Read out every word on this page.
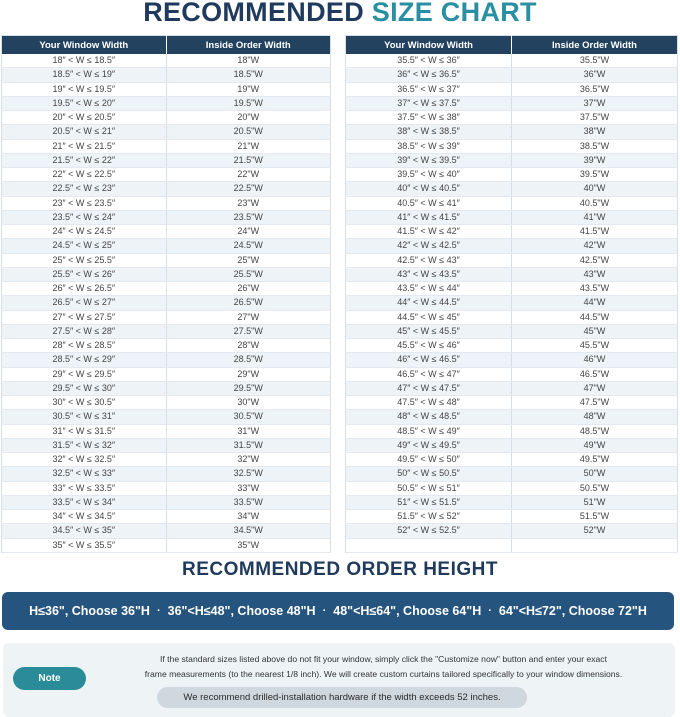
RECOMMENDED SIZE CHART
Your Window Width	Inside Order Width
18″ < W ≤ 18.5″	18"W
18.5″ < W ≤ 19″	18.5"W
19″ < W ≤ 19.5″	19"W
19.5″ < W ≤ 20″	19.5"W
20″ < W ≤ 20.5″	20"W
20.5″ < W ≤ 21″	20.5"W
21″ < W ≤ 21.5″	21"W
21.5″ < W ≤ 22″	21.5"W
22″ < W ≤ 22.5″	22"W
22.5″ < W ≤ 23″	22.5"W
23″ < W ≤ 23.5″	23"W
23.5″ < W ≤ 24″	23.5"W
24″ < W ≤ 24.5″	24"W
24.5″ < W ≤ 25″	24.5"W
25″ < W ≤ 25.5″	25"W
25.5″ < W ≤ 26″	25.5"W
26″ < W ≤ 26.5″	26"W
26.5″ < W ≤ 27″	26.5"W
27″ < W ≤ 27.5″	27"W
27.5″ < W ≤ 28″	27.5"W
28″ < W ≤ 28.5″	28"W
28.5″ < W ≤ 29″	28.5"W
29″ < W ≤ 29.5″	29"W
29.5″ < W ≤ 30″	29.5"W
30″ < W ≤ 30.5″	30"W
30.5″ < W ≤ 31″	30.5"W
31″ < W ≤ 31.5″	31"W
31.5″ < W ≤ 32″	31.5"W
32″ < W ≤ 32.5″	32"W
32.5″ < W ≤ 33″	32.5"W
33″ < W ≤ 33.5″	33"W
33.5″ < W ≤ 34″	33.5"W
34″ < W ≤ 34.5″	34"W
34.5″ < W ≤ 35″	34.5"W
35″ < W ≤ 35.5″	35"W
Your Window Width	Inside Order Width
35.5″ < W ≤ 36″	35.5"W
36″ < W ≤ 36.5″	36"W
36.5″ < W ≤ 37″	36.5"W
37″ < W ≤ 37.5″	37"W
37.5″ < W ≤ 38″	37.5"W
38″ < W ≤ 38.5″	38"W
38.5″ < W ≤ 39″	38.5"W
39″ < W ≤ 39.5″	39"W
39.5″ < W ≤ 40″	39.5"W
40″ < W ≤ 40.5″	40"W
40.5″ < W ≤ 41″	40.5"W
41″ < W ≤ 41.5″	41"W
41.5″ < W ≤ 42″	41.5"W
42″ < W ≤ 42.5″	42"W
42.5″ < W ≤ 43″	42.5"W
43″ < W ≤ 43.5″	43"W
43.5″ < W ≤ 44″	43.5"W
44″ < W ≤ 44.5″	44"W
44.5″ < W ≤ 45″	44.5"W
45″ < W ≤ 45.5″	45"W
45.5″ < W ≤ 46″	45.5"W
46″ < W ≤ 46.5″	46"W
46.5″ < W ≤ 47″	46.5"W
47″ < W ≤ 47.5″	47"W
47.5″ < W ≤ 48″	47.5"W
48″ < W ≤ 48.5″	48"W
48.5″ < W ≤ 49″	48.5"W
49″ < W ≤ 49.5″	49"W
49.5″ < W ≤ 50″	49.5"W
50″ < W ≤ 50.5″	50"W
50.5″ < W ≤ 51″	50.5"W
51″ < W ≤ 51.5″	51"W
51.5″ < W ≤ 52″	51.5"W
52″ < W ≤ 52.5″	52"W

RECOMMENDED ORDER HEIGHT
H≤36", Choose 36"H · 36"<H≤48", Choose 48"H · 48"<H≤64", Choose 64"H · 64"<H≤72", Choose 72"H
Note
If the standard sizes listed above do not fit your window, simply click the "Customize now" button and enter your exact
frame measurements (to the nearest 1/8 inch). We will create custom curtains tailored specifically to your window dimensions.
We recommend drilled-installation hardware if the width exceeds 52 inches.
